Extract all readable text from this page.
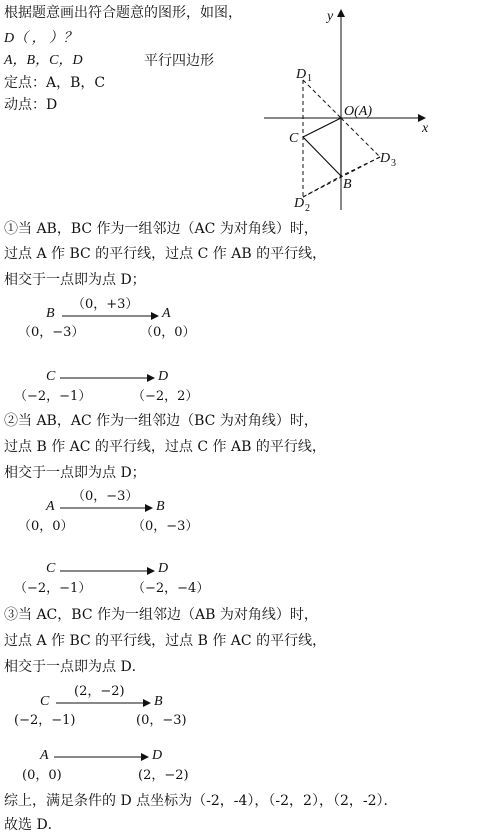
根据题意画出符合题意的图形，如图，
D（ ， ）？
A，B，C，D	平行四边形
定点：A，B，C
动点：D
x
y
O(A)
D 1
C
D 3
B
D 2
①当 AB，BC 作为一组邻边（AC 为对角线）时，
过点 A 作 BC 的平行线，过点 C 作 AB 的平行线，
相交于一点即为点 D；
B
（0，+3）
A
（0，−3）	（0，0）
C	D
（−2，−1）	（−2，2）
②当 AB，AC 作为一组邻边（BC 为对角线）时，
过点 B 作 AC 的平行线，过点 C 作 AB 的平行线，
相交于一点即为点 D；
A
（0，−3）
B
（0，0）	（0，−3）
C	D
（−2，−1）	（−2，−4）
③当 AC，BC 作为一组邻边（AB 为对角线）时，
过点 A 作 BC 的平行线，过点 B 作 AC 的平行线，
相交于一点即为点 D．
C
(2，−2)
B
(−2，−1)	(0，−3)
A	D
(0，0)	(2，−2)
综上，满足条件的 D 点坐标为（-2，-4），（-2，2），（2，-2）．
故选 D．
